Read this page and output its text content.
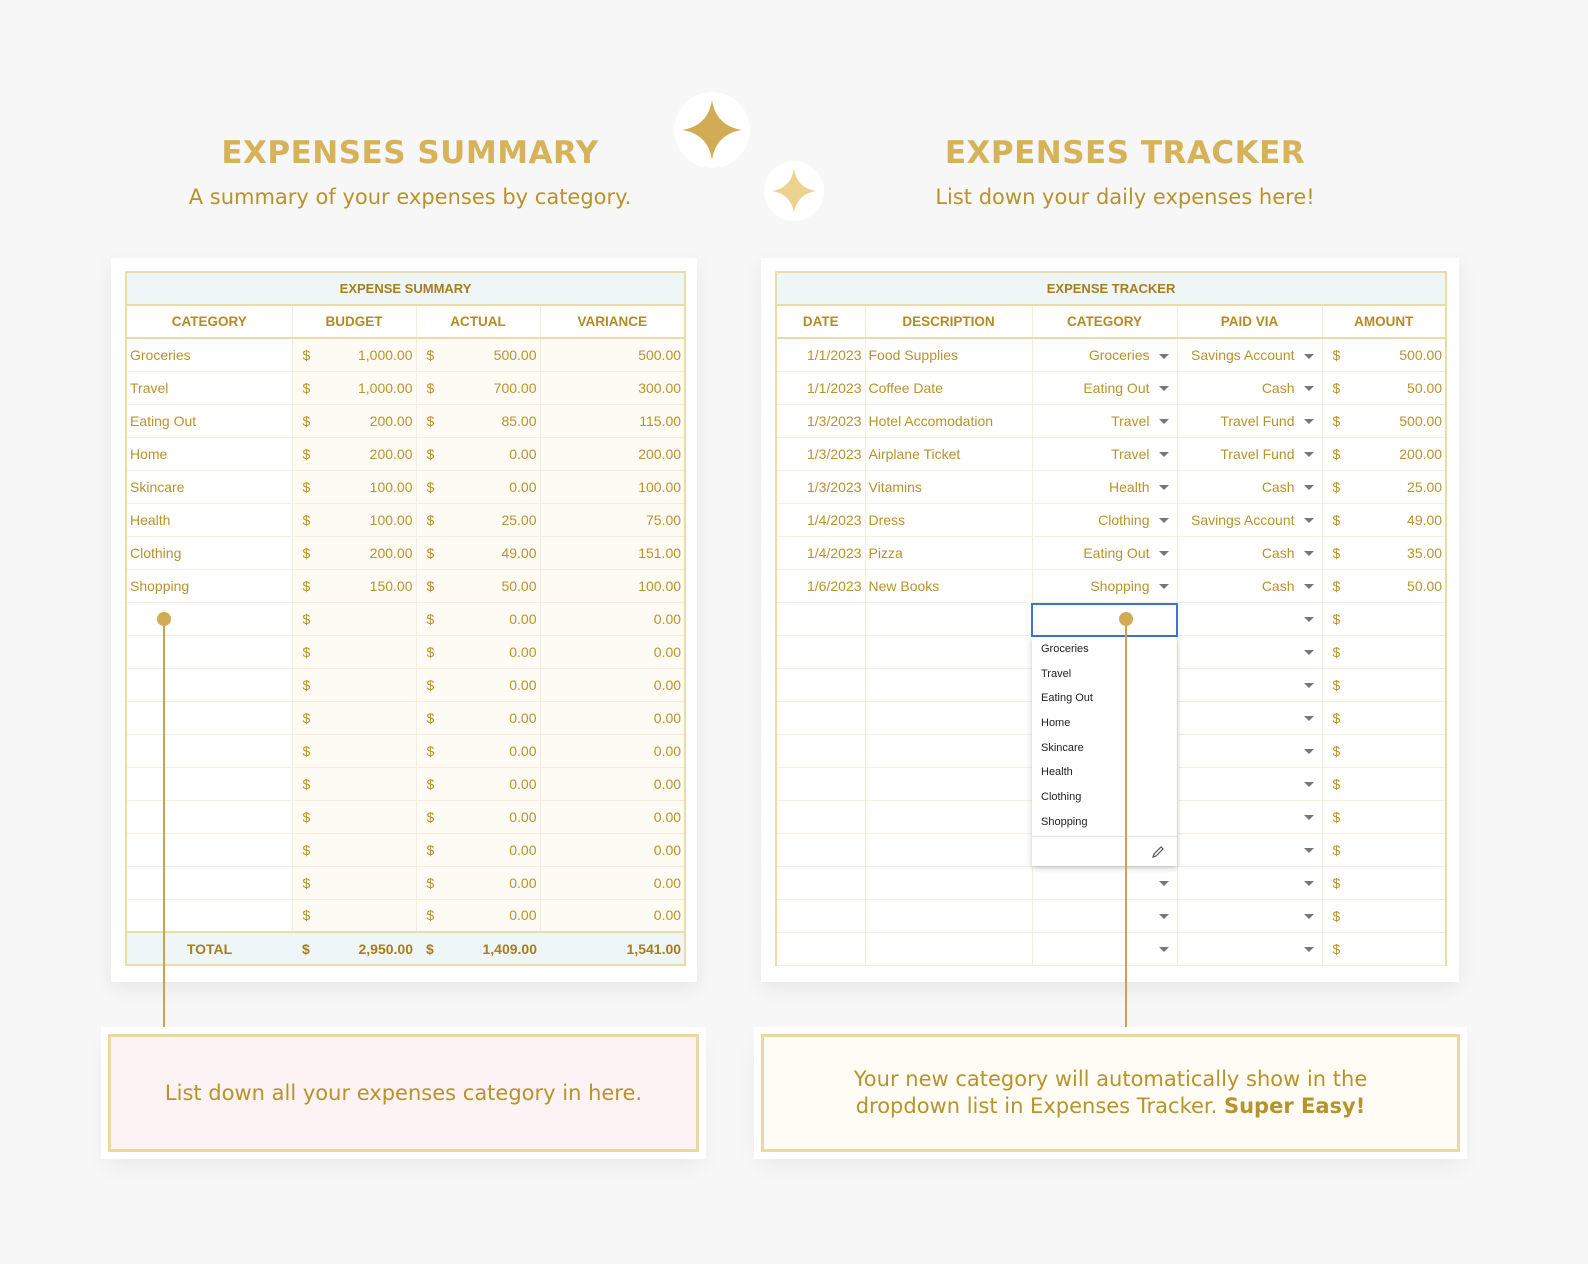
EXPENSES SUMMARY

A summary of your expenses by category.

EXPENSES TRACKER

List down your daily expenses here!

EXPENSE SUMMARY					
CATEGORY	BUDGET		ACTUAL		VARIANCE
Groceries	$	1,000.00	$	500.00	500.00
Travel	$	1,000.00	$	700.00	300.00
Eating Out	$	200.00	$	85.00	115.00
Home	$	200.00	$	0.00	200.00
Skincare	$	100.00	$	0.00	100.00
Health	$	100.00	$	25.00	75.00
Clothing	$	200.00	$	49.00	151.00
Shopping	$	150.00	$	50.00	100.00
	$		$	0.00	0.00
	$		$	0.00	0.00
	$		$	0.00	0.00
	$		$	0.00	0.00
	$		$	0.00	0.00
	$		$	0.00	0.00
	$		$	0.00	0.00
	$		$	0.00	0.00
	$		$	0.00	0.00
	$		$	0.00	0.00
TOTAL	$	2,950.00	$	1,409.00	1,541.00
EXPENSE TRACKER					
DATE	DESCRIPTION	CATEGORY	PAID VIA	AMOUNT	
1/1/2023	Food Supplies	Groceries	Savings Account	$	500.00
1/1/2023	Coffee Date	Eating Out	Cash	$	50.00
1/3/2023	Hotel Accomodation	Travel	Travel Fund	$	500.00
1/3/2023	Airplane Ticket	Travel	Travel Fund	$	200.00
1/3/2023	Vitamins	Health	Cash	$	25.00
1/4/2023	Dress	Clothing	Savings Account	$	49.00
1/4/2023	Pizza	Eating Out	Cash	$	35.00
1/6/2023	New Books	Shopping	Cash	$	50.00
				$	
				$	
				$	
				$	
				$	
				$	
				$	
				$	
				$	
				$	
				$	
Groceries
Travel
Eating Out
Home
Skincare
Health
Clothing
Shopping
List down all your expenses category in here.
Your new category will automatically show in the
dropdown list in Expenses Tracker. Super Easy!
